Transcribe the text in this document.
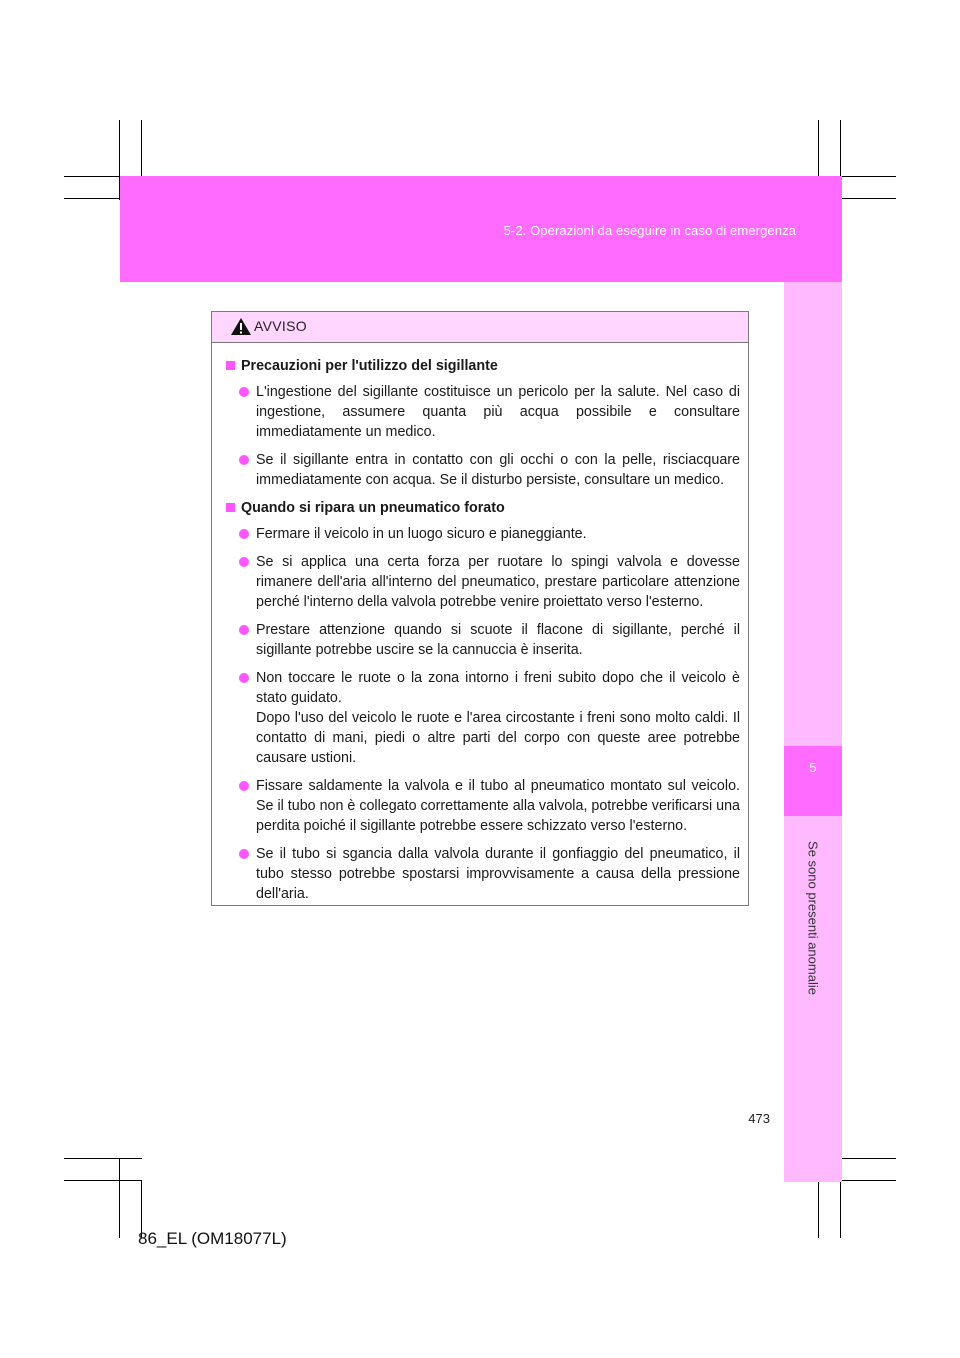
5-2. Operazioni da eseguire in caso di emergenza
5
Se sono presenti anomalie
AVVISO
Precauzioni per l'utilizzo del sigillante
L'ingestione del sigillante costituisce un pericolo per la salute. Nel caso di ingestione, assumere quanta più acqua possibile e consultare immediatamente un medico.
Se il sigillante entra in contatto con gli occhi o con la pelle, risciacquare immediatamente con acqua. Se il disturbo persiste, consultare un medico.
Quando si ripara un pneumatico forato
Fermare il veicolo in un luogo sicuro e pianeggiante.
Se si applica una certa forza per ruotare lo spingi valvola e dovesse rimanere dell'aria all'interno del pneumatico, prestare particolare attenzione perché l'interno della valvola potrebbe venire proiettato verso l'esterno.
Prestare attenzione quando si scuote il flacone di sigillante, perché il sigillante potrebbe uscire se la cannuccia è inserita.
Non toccare le ruote o la zona intorno i freni subito dopo che il veicolo è stato guidato.
Dopo l'uso del veicolo le ruote e l'area circostante i freni sono molto caldi. Il contatto di mani, piedi o altre parti del corpo con queste aree potrebbe causare ustioni.
Fissare saldamente la valvola e il tubo al pneumatico montato sul veicolo. Se il tubo non è collegato correttamente alla valvola, potrebbe verificarsi una perdita poiché il sigillante potrebbe essere schizzato verso l'esterno.
Se il tubo si sgancia dalla valvola durante il gonfiaggio del pneumatico, il tubo stesso potrebbe spostarsi improvvisamente a causa della pressione dell'aria.
473
86_EL (OM18077L)
